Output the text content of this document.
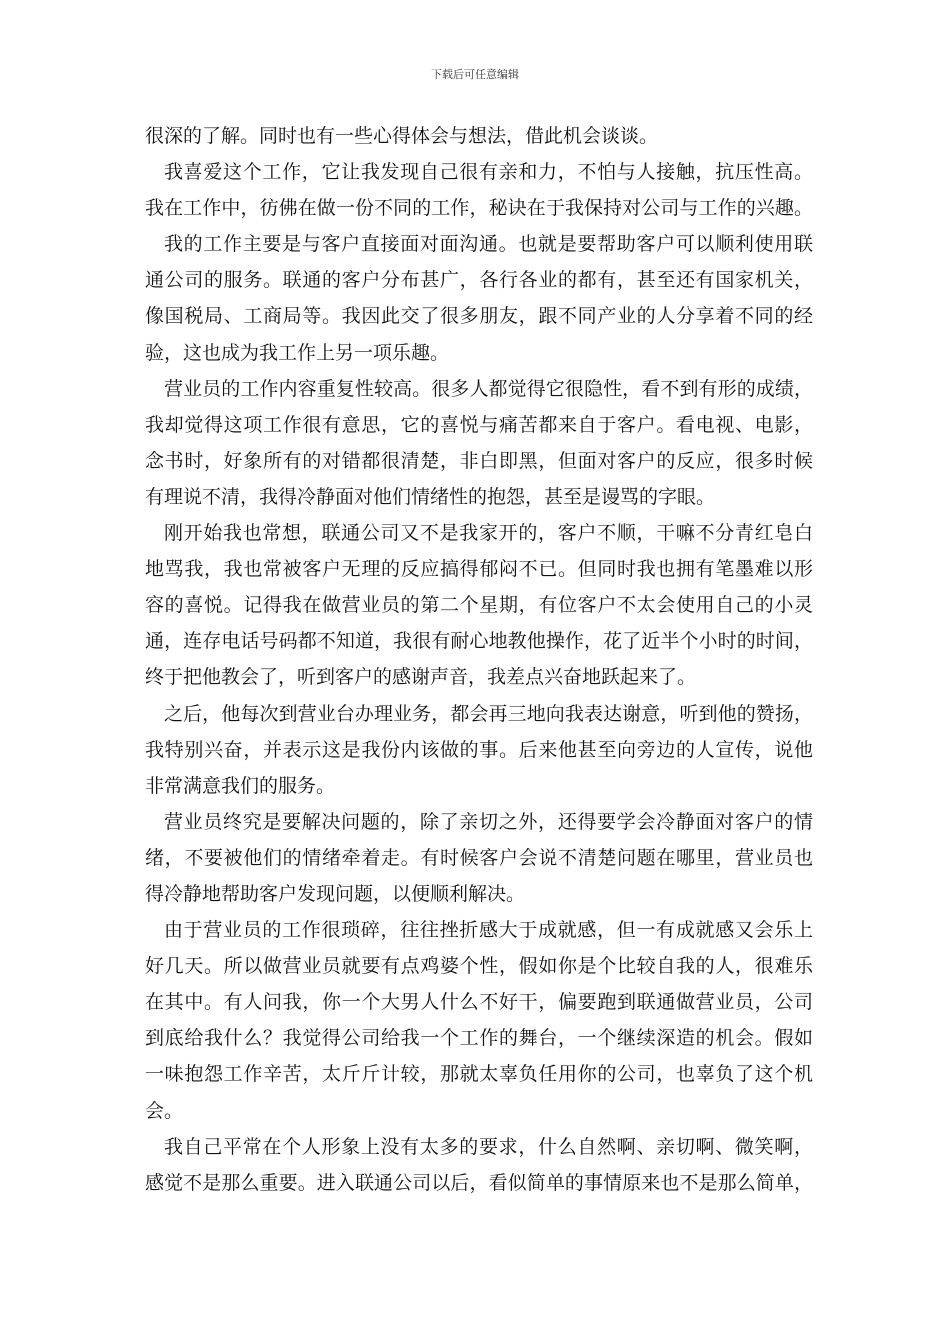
下载后可任意编辑
很深的了解。同时也有一些心得体会与想法，借此机会谈谈。
我喜爱这个工作，它让我发现自己很有亲和力，不怕与人接触，抗压性高。
我在工作中，彷佛在做一份不同的工作，秘诀在于我保持对公司与工作的兴趣。
我的工作主要是与客户直接面对面沟通。也就是要帮助客户可以顺利使用联
通公司的服务。联通的客户分布甚广，各行各业的都有，甚至还有国家机关，
像国税局、工商局等。我因此交了很多朋友，跟不同产业的人分享着不同的经
验，这也成为我工作上另一项乐趣。
营业员的工作内容重复性较高。很多人都觉得它很隐性，看不到有形的成绩，
我却觉得这项工作很有意思，它的喜悦与痛苦都来自于客户。看电视、电影，
念书时，好象所有的对错都很清楚，非白即黑，但面对客户的反应，很多时候
有理说不清，我得冷静面对他们情绪性的抱怨，甚至是谩骂的字眼。
刚开始我也常想，联通公司又不是我家开的，客户不顺，干嘛不分青红皂白
地骂我，我也常被客户无理的反应搞得郁闷不已。但同时我也拥有笔墨难以形
容的喜悦。记得我在做营业员的第二个星期，有位客户不太会使用自己的小灵
通，连存电话号码都不知道，我很有耐心地教他操作，花了近半个小时的时间，
终于把他教会了，听到客户的感谢声音，我差点兴奋地跃起来了。
之后，他每次到营业台办理业务，都会再三地向我表达谢意，听到他的赞扬，
我特别兴奋，并表示这是我份内该做的事。后来他甚至向旁边的人宣传，说他
非常满意我们的服务。
营业员终究是要解决问题的，除了亲切之外，还得要学会冷静面对客户的情
绪，不要被他们的情绪牵着走。有时候客户会说不清楚问题在哪里，营业员也
得冷静地帮助客户发现问题，以便顺利解决。
由于营业员的工作很琐碎，往往挫折感大于成就感，但一有成就感又会乐上
好几天。所以做营业员就要有点鸡婆个性，假如你是个比较自我的人，很难乐
在其中。有人问我，你一个大男人什么不好干，偏要跑到联通做营业员，公司
到底给我什么？我觉得公司给我一个工作的舞台，一个继续深造的机会。假如
一味抱怨工作辛苦，太斤斤计较，那就太辜负任用你的公司，也辜负了这个机
会。
我自己平常在个人形象上没有太多的要求，什么自然啊、亲切啊、微笑啊，
感觉不是那么重要。进入联通公司以后，看似简单的事情原来也不是那么简单，
